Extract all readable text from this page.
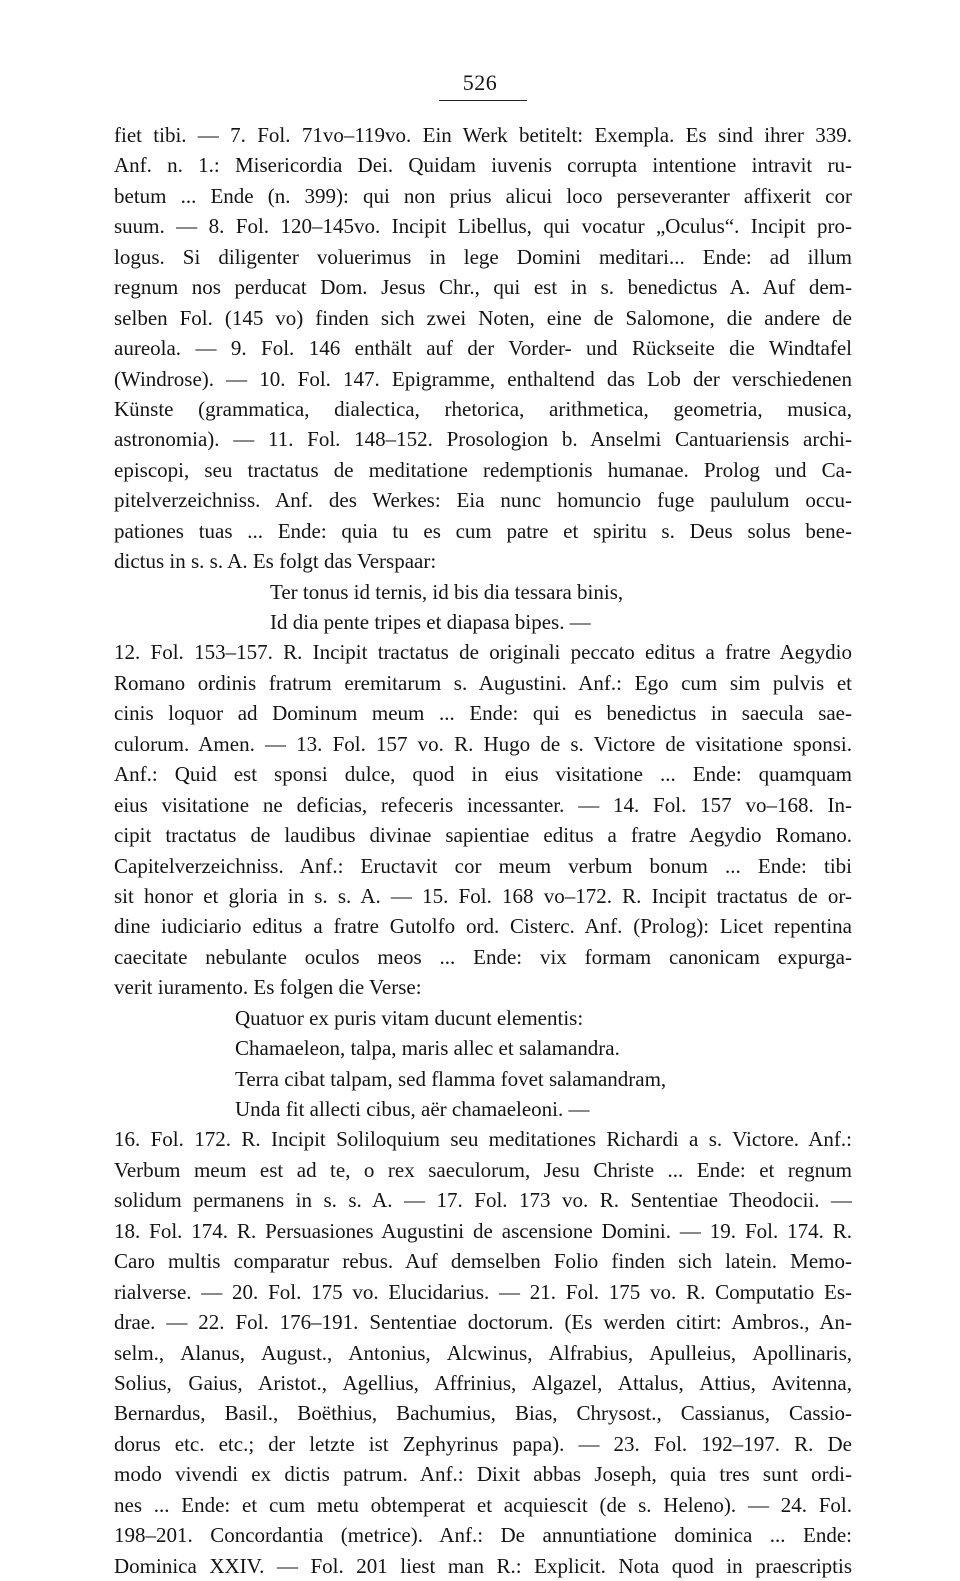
526
fiet tibi. — 7. Fol. 71vo–119vo. Ein Werk betitelt: Exempla. Es sind ihrer 339.
Anf. n. 1.: Misericordia Dei. Quidam iuvenis corrupta intentione intravit ru-
betum ... Ende (n. 399): qui non prius alicui loco perseveranter affixerit cor
suum. — 8. Fol. 120–145vo. Incipit Libellus, qui vocatur „Oculus“. Incipit pro-
logus. Si diligenter voluerimus in lege Domini meditari... Ende: ad illum
regnum nos perducat Dom. Jesus Chr., qui est in s. benedictus A. Auf dem-
selben Fol. (145 vo) finden sich zwei Noten, eine de Salomone, die andere de
aureola. — 9. Fol. 146 enthält auf der Vorder- und Rückseite die Windtafel
(Windrose). — 10. Fol. 147. Epigramme, enthaltend das Lob der verschiedenen
Künste (grammatica, dialectica, rhetorica, arithmetica, geometria, musica,
astronomia). — 11. Fol. 148–152. Prosologion b. Anselmi Cantuariensis archi-
episcopi, seu tractatus de meditatione redemptionis humanae. Prolog und Ca-
pitelverzeichniss. Anf. des Werkes: Eia nunc homuncio fuge paululum occu-
pationes tuas ... Ende: quia tu es cum patre et spiritu s. Deus solus bene-
dictus in s. s. A. Es folgt das Verspaar:
Ter tonus id ternis, id bis dia tessara binis,
Id dia pente tripes et diapasa bipes. —
12. Fol. 153–157. R. Incipit tractatus de originali peccato editus a fratre Aegydio
Romano ordinis fratrum eremitarum s. Augustini. Anf.: Ego cum sim pulvis et
cinis loquor ad Dominum meum ... Ende: qui es benedictus in saecula sae-
culorum. Amen. — 13. Fol. 157 vo. R. Hugo de s. Victore de visitatione sponsi.
Anf.: Quid est sponsi dulce, quod in eius visitatione ... Ende: quamquam
eius visitatione ne deficias, refeceris incessanter. — 14. Fol. 157 vo–168. In-
cipit tractatus de laudibus divinae sapientiae editus a fratre Aegydio Romano.
Capitelverzeichniss. Anf.: Eructavit cor meum verbum bonum ... Ende: tibi
sit honor et gloria in s. s. A. — 15. Fol. 168 vo–172. R. Incipit tractatus de or-
dine iudiciario editus a fratre Gutolfo ord. Cisterc. Anf. (Prolog): Licet repentina
caecitate nebulante oculos meos ... Ende: vix formam canonicam expurga-
verit iuramento. Es folgen die Verse:
Quatuor ex puris vitam ducunt elementis:
Chamaeleon, talpa, maris allec et salamandra.
Terra cibat talpam, sed flamma fovet salamandram,
Unda fit allecti cibus, aër chamaeleoni. —
16. Fol. 172. R. Incipit Soliloquium seu meditationes Richardi a s. Victore. Anf.:
Verbum meum est ad te, o rex saeculorum, Jesu Christe ... Ende: et regnum
solidum permanens in s. s. A. — 17. Fol. 173 vo. R. Sententiae Theodocii. —
18. Fol. 174. R. Persuasiones Augustini de ascensione Domini. — 19. Fol. 174. R.
Caro multis comparatur rebus. Auf demselben Folio finden sich latein. Memo-
rialverse. — 20. Fol. 175 vo. Elucidarius. — 21. Fol. 175 vo. R. Computatio Es-
drae. — 22. Fol. 176–191. Sententiae doctorum. (Es werden citirt: Ambros., An-
selm., Alanus, August., Antonius, Alcwinus, Alfrabius, Apulleius, Apollinaris,
Solius, Gaius, Aristot., Agellius, Affrinius, Algazel, Attalus, Attius, Avitenna,
Bernardus, Basil., Boëthius, Bachumius, Bias, Chrysost., Cassianus, Cassio-
dorus etc. etc.; der letzte ist Zephyrinus papa). — 23. Fol. 192–197. R. De
modo vivendi ex dictis patrum. Anf.: Dixit abbas Joseph, quia tres sunt ordi-
nes ... Ende: et cum metu obtemperat et acquiescit (de s. Heleno). — 24. Fol.
198–201. Concordantia (metrice). Anf.: De annuntiatione dominica ... Ende:
Dominica XXIV. — Fol. 201 liest man R.: Explicit. Nota quod in praescriptis
